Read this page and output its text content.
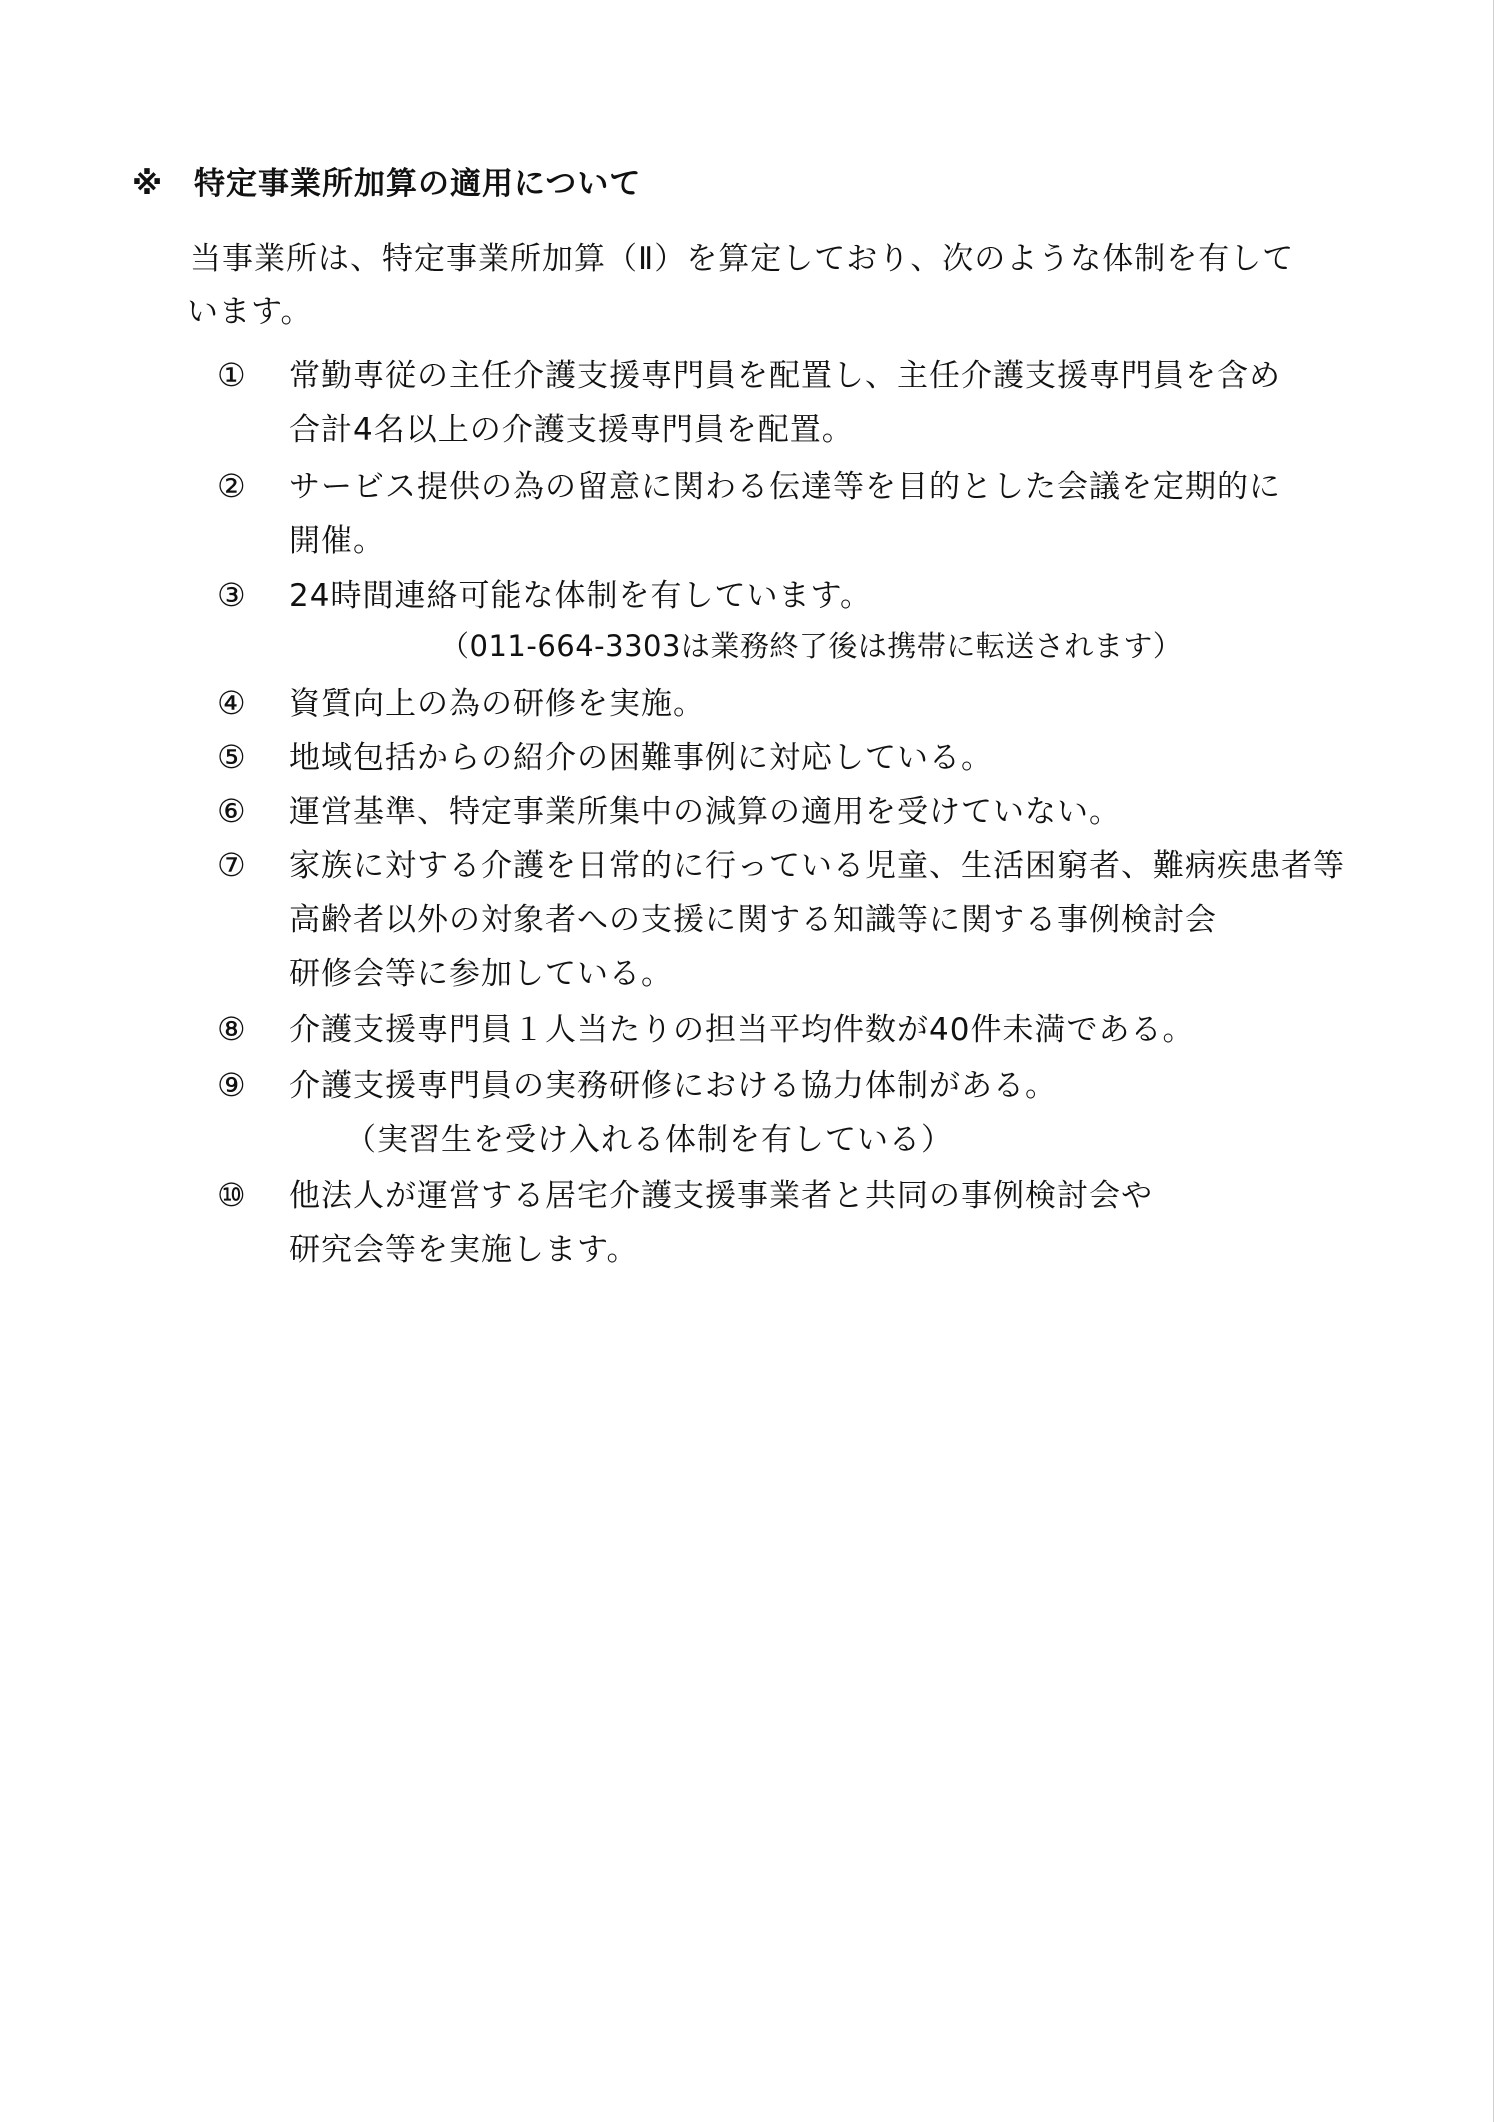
※ 特定事業所加算の適用について
当事業所は、特定事業所加算（Ⅱ）を算定しており、次のような体制を有して
います。
① 常勤専従の主任介護支援専門員を配置し、主任介護支援専門員を含め
合計4名以上の介護支援専門員を配置。
② サービス提供の為の留意に関わる伝達等を目的とした会議を定期的に
開催。
③ 24時間連絡可能な体制を有しています。
（011-664-3303は業務終了後は携帯に転送されます）
④ 資質向上の為の研修を実施。
⑤ 地域包括からの紹介の困難事例に対応している。
⑥ 運営基準、特定事業所集中の減算の適用を受けていない。
⑦ 家族に対する介護を日常的に行っている児童、生活困窮者、難病疾患者等
高齢者以外の対象者への支援に関する知識等に関する事例検討会
研修会等に参加している。
⑧ 介護支援専門員１人当たりの担当平均件数が40件未満である。
⑨ 介護支援専門員の実務研修における協力体制がある。
（実習生を受け入れる体制を有している）
⑩ 他法人が運営する居宅介護支援事業者と共同の事例検討会や
研究会等を実施します。
